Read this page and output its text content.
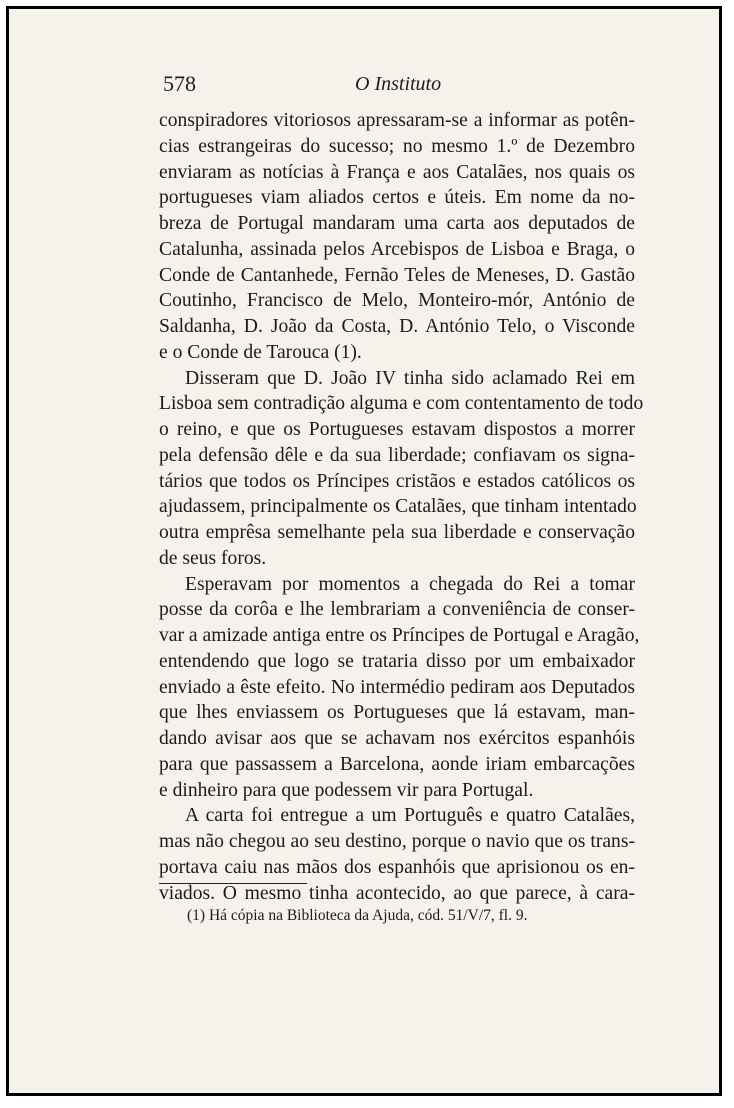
578	O Instituto
conspiradores vitoriosos apressaram-se a informar as potên-
cias estrangeiras do sucesso; no mesmo 1.º de Dezembro
enviaram as notícias à França e aos Catalães, nos quais os
portugueses viam aliados certos e úteis. Em nome da no-
breza de Portugal mandaram uma carta aos deputados de
Catalunha, assinada pelos Arcebispos de Lisboa e Braga, o
Conde de Cantanhede, Fernão Teles de Meneses, D. Gastão
Coutinho, Francisco de Melo, Monteiro-mór, António de
Saldanha, D. João da Costa, D. António Telo, o Visconde
e o Conde de Tarouca (1).
Disseram que D. João IV tinha sido aclamado Rei em
Lisboa sem contradição alguma e com contentamento de todo
o reino, e que os Portugueses estavam dispostos a morrer
pela defensão dêle e da sua liberdade; confiavam os signa-
tários que todos os Príncipes cristãos e estados católicos os
ajudassem, principalmente os Catalães, que tinham intentado
outra emprêsa semelhante pela sua liberdade e conservação
de seus foros.
Esperavam por momentos a chegada do Rei a tomar
posse da corôa e lhe lembrariam a conveniência de conser-
var a amizade antiga entre os Príncipes de Portugal e Aragão,
entendendo que logo se trataria disso por um embaixador
enviado a êste efeito. No intermédio pediram aos Deputados
que lhes enviassem os Portugueses que lá estavam, man-
dando avisar aos que se achavam nos exércitos espanhóis
para que passassem a Barcelona, aonde iriam embarcações
e dinheiro para que podessem vir para Portugal.
A carta foi entregue a um Português e quatro Catalães,
mas não chegou ao seu destino, porque o navio que os trans-
portava caiu nas mãos dos espanhóis que aprisionou os en-
viados. O mesmo tinha acontecido, ao que parece, à cara-
(1) Há cópia na Biblioteca da Ajuda, cód. 51/V/7, fl. 9.
